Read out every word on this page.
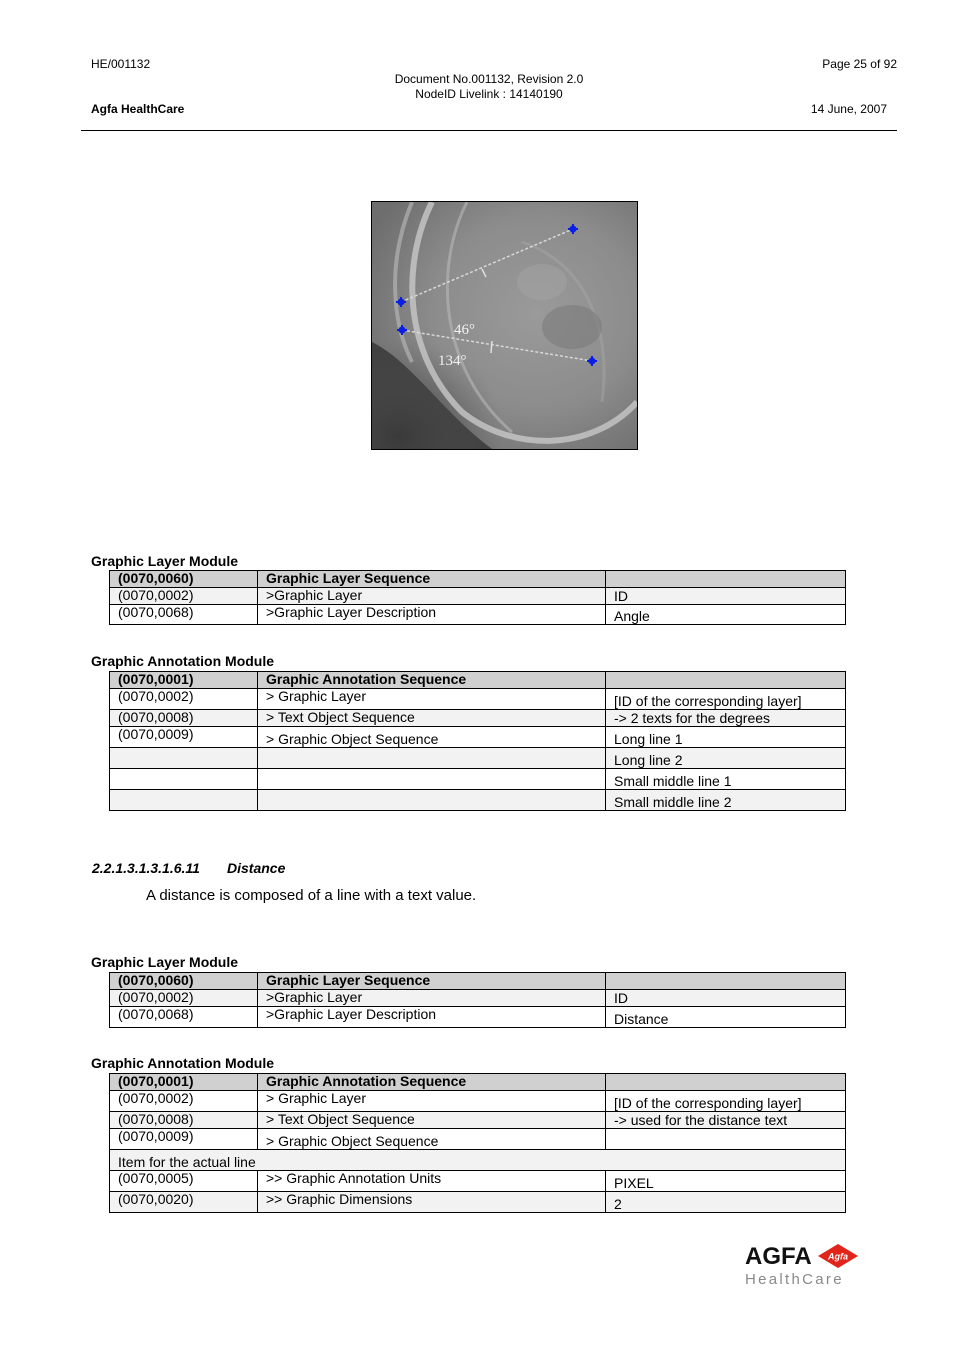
HE/001132	Page 25 of 92
Document No.001132, Revision 2.0
NodeID Livelink : 14140190
Agfa HealthCare	14 June, 2007
46°
134°
Graphic Layer Module
(0070,0060)	Graphic Layer Sequence	
(0070,0002)	>Graphic Layer	ID
(0070,0068)	>Graphic Layer Description	Angle
Graphic Annotation Module
(0070,0001)	Graphic Annotation Sequence	
(0070,0002)	> Graphic Layer	[ID of the corresponding layer]
(0070,0008)	> Text Object Sequence	-> 2 texts for the degrees
(0070,0009)	> Graphic Object Sequence	Long line 1
		Long line 2
		Small middle line 1
		Small middle line 2
2.2.1.3.1.3.1.6.11 Distance
A distance is composed of a line with a text value.
Graphic Layer Module
(0070,0060)	Graphic Layer Sequence	
(0070,0002)	>Graphic Layer	ID
(0070,0068)	>Graphic Layer Description	Distance
Graphic Annotation Module
(0070,0001)	Graphic Annotation Sequence	
(0070,0002)	> Graphic Layer	[ID of the corresponding layer]
(0070,0008)	> Text Object Sequence	-> used for the distance text
(0070,0009)	> Graphic Object Sequence	
Item for the actual line		
(0070,0005)	>> Graphic Annotation Units	PIXEL
(0070,0020)	>> Graphic Dimensions	2
AGFA Agfa
HealthCare
